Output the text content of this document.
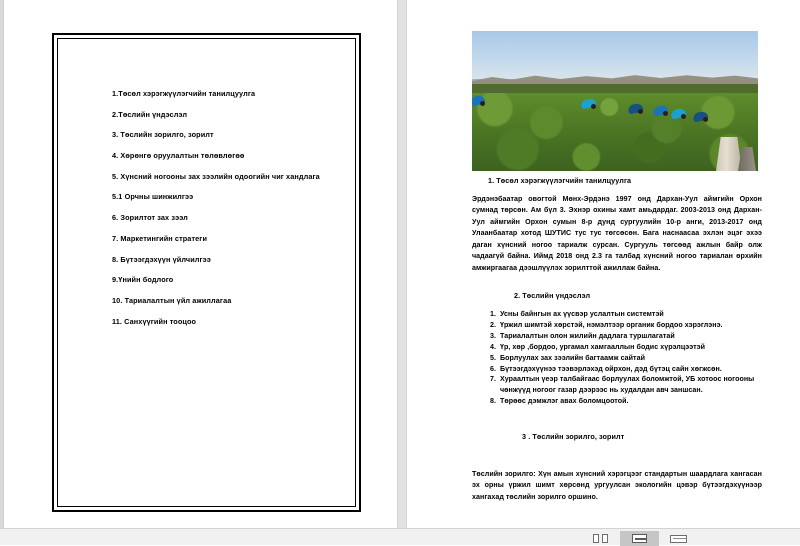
1.Төсөл хэрэгжүүлэгчийн танилцуулга
2.Төслийн үндэслэл
3. Төслийн зорилго, зорилт
4. Хөрөнгө оруулалтын төлөвлөгөө
5. Хүнсний ногооны зах зээлийн одоогийн чиг хандлага
5.1 Орчны шинжилгээ
6. Зорилтот зах зээл
7. Маркетингийн стратеги
8. Бүтээгдэхүүн үйлчилгээ
9.Үнийн бодлого
10. Тариалалтын үйл ажиллагаа
11. Санхүүгийн тооцоо
1. Төсөл хэрэгжүүлэгчийн танилцуулга
Эрдэнэбаатар овогтой Мөнх-Эрдэнэ 1997 онд Дархан-Уул аймгийн Орхон сумнад төрсөн. Ам бүл 3. Эхнэр охины хамт амьдардаг. 2003-2013 онд Дархан-Уул аймгийн Орхон сумын 8-р дунд сургуулийн 10-р анги, 2013-2017 онд Улаанбаатар хотод ШУТИС тус тус төгсөсөн. Бага наснаасаа эхлэн эцэг эхээ даган хүнсний ногоо тариалж сурсан. Сургууль төгсөөд ажлын байр олж чадаагүй байна. Иймд 2018 онд 2.3 га талбад хүнсний ногоо тариалан өрхийн амжиргаагаа дээшлүүлэх зорилттой ажиллаж байна.
2. Төслийн үндэслэл
1. Усны байнгын ах үүсвэр услалтын системтэй
2. Үржил шимтэй хөрстэй, нэмэлтээр органик бордоо хэрэглэнэ.
3. Тариалалтын олон жилийн дадлага туршлагатай
4. Үр, хөр ,бордоо, ургамал хамгааллын бодис хүрэлцээтэй
5. Борлуулах зах зээлийн багтаамж сайтай
6. Бүтээгдэхүүнээ тээвэрлэхэд ойрхон, дэд бүтэц сайн хөгжсөн.
7. Хураалтын үеэр талбайгаас борлуулах боломжтой, УБ хотоос ногооны чөнжүүд ногоог газар дээрээс нь худалдан авч заншсан.
8. Төрөөс дэмжлэг авах боломцоотой.
3 . Төслийн зорилго, зорилт
Төслийн зорилго: Хүн амын хүнсний хэрэгцээг стандартын шаардлага хангасан эх орны үржил шимт хөрсөнд ургуулсан экологийн цэвэр бүтээгдэхүүнээр хангахад төслийн зорилго оршино.
